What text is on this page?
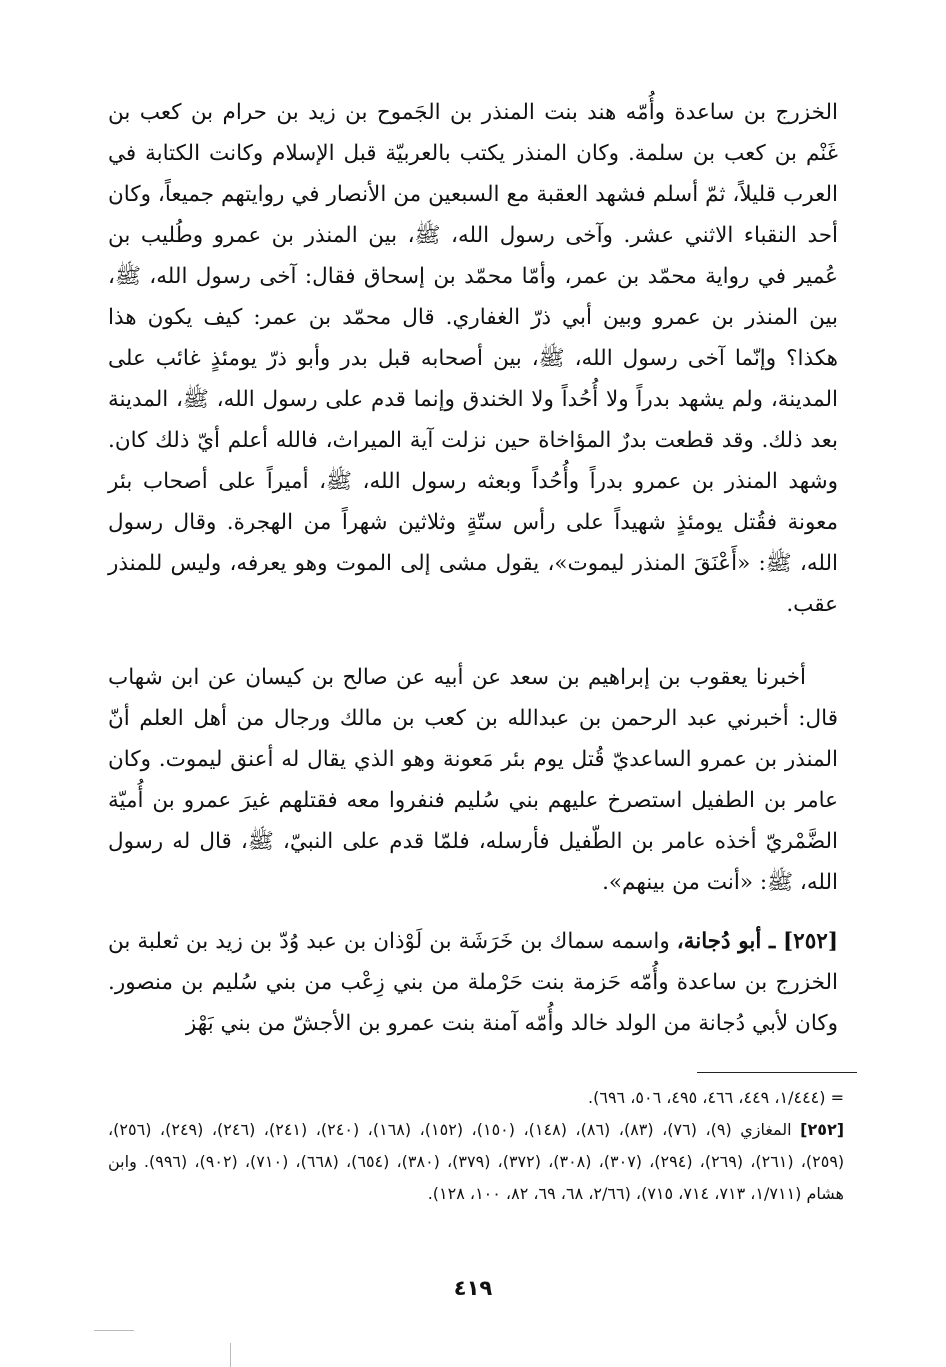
الخزرج بن ساعدة وأُمّه هند بنت المنذر بن الجَموح بن زيد بن حرام بن كعب بن غَنْم بن كعب بن سلمة. وكان المنذر يكتب بالعربيّة قبل الإسلام وكانت الكتابة في العرب قليلاً، ثمّ أسلم فشهد العقبة مع السبعين من الأنصار في روايتهم جميعاً، وكان أحد النقباء الاثني عشر. وآخى رسول الله، ﷺ، بين المنذر بن عمرو وطُليب بن عُمير في رواية محمّد بن عمر، وأمّا محمّد بن إسحاق فقال: آخى رسول الله، ﷺ، بين المنذر بن عمرو وبين أبي ذرّ الغفاري. قال محمّد بن عمر: كيف يكون هذا هكذا؟ وإنّما آخى رسول الله، ﷺ، بين أصحابه قبل بدر وأبو ذرّ يومئذٍ غائب على المدينة، ولم يشهد بدراً ولا أُحُداً ولا الخندق وإنما قدم على رسول الله، ﷺ، المدينة بعد ذلك. وقد قطعت بدرٌ المؤاخاة حين نزلت آية الميراث، فالله أعلم أيّ ذلك كان. وشهد المنذر بن عمرو بدراً وأُحُداً وبعثه رسول الله، ﷺ، أميراً على أصحاب بئر معونة فقُتل يومئذٍ شهيداً على رأس ستّةٍ وثلاثين شهراً من الهجرة. وقال رسول الله، ﷺ: «أَعْنَقَ المنذر ليموت»، يقول مشى إلى الموت وهو يعرفه، وليس للمنذر عقب.
أخبرنا يعقوب بن إبراهيم بن سعد عن أبيه عن صالح بن كيسان عن ابن شهاب قال: أخبرني عبد الرحمن بن عبدالله بن كعب بن مالك ورجال من أهل العلم أنّ المنذر بن عمرو الساعديّ قُتل يوم بئر مَعونة وهو الذي يقال له أعنق ليموت. وكان عامر بن الطفيل استصرخ عليهم بني سُليم فنفروا معه فقتلهم غيرَ عمرو بن أُميّة الضَّمْريّ أخذه عامر بن الطّفيل فأرسله، فلمّا قدم على النبيّ، ﷺ، قال له رسول الله، ﷺ: «أنت من بينهم».
[٢٥٢] ـ أبو دُجانة، واسمه سماك بن خَرَشَة بن لَوْذان بن عبد وُدّ بن زيد بن ثعلبة بن الخزرج بن ساعدة وأُمّه حَزمة بنت حَرْملة من بني زِعْب من بني سُليم بن منصور. وكان لأبي دُجانة من الولد خالد وأُمّه آمنة بنت عمرو بن الأجشّ من بني بَهْز

= (١/٤٤٤، ٤٤٩، ٤٦٦، ٤٩٥، ٥٠٦، ٦٩٦).

[٢٥٢] المغازي (٩)، (٧٦)، (٨٣)، (٨٦)، (١٤٨)، (١٥٠)، (١٥٢)، (١٦٨)، (٢٤٠)، (٢٤١)، (٢٤٦)، (٢٤٩)، (٢٥٦)، (٢٥٩)، (٢٦١)، (٢٦٩)، (٢٩٤)، (٣٠٧)، (٣٠٨)، (٣٧٢)، (٣٧٩)، (٣٨٠)، (٦٥٤)، (٦٦٨)، (٧١٠)، (٩٠٢)، (٩٩٦). وابن هشام (١/٧١١، ٧١٣، ٧١٤، ٧١٥)، (٢/٦٦، ٦٨، ٦٩، ٨٢، ١٠٠، ١٢٨).

٤١٩
